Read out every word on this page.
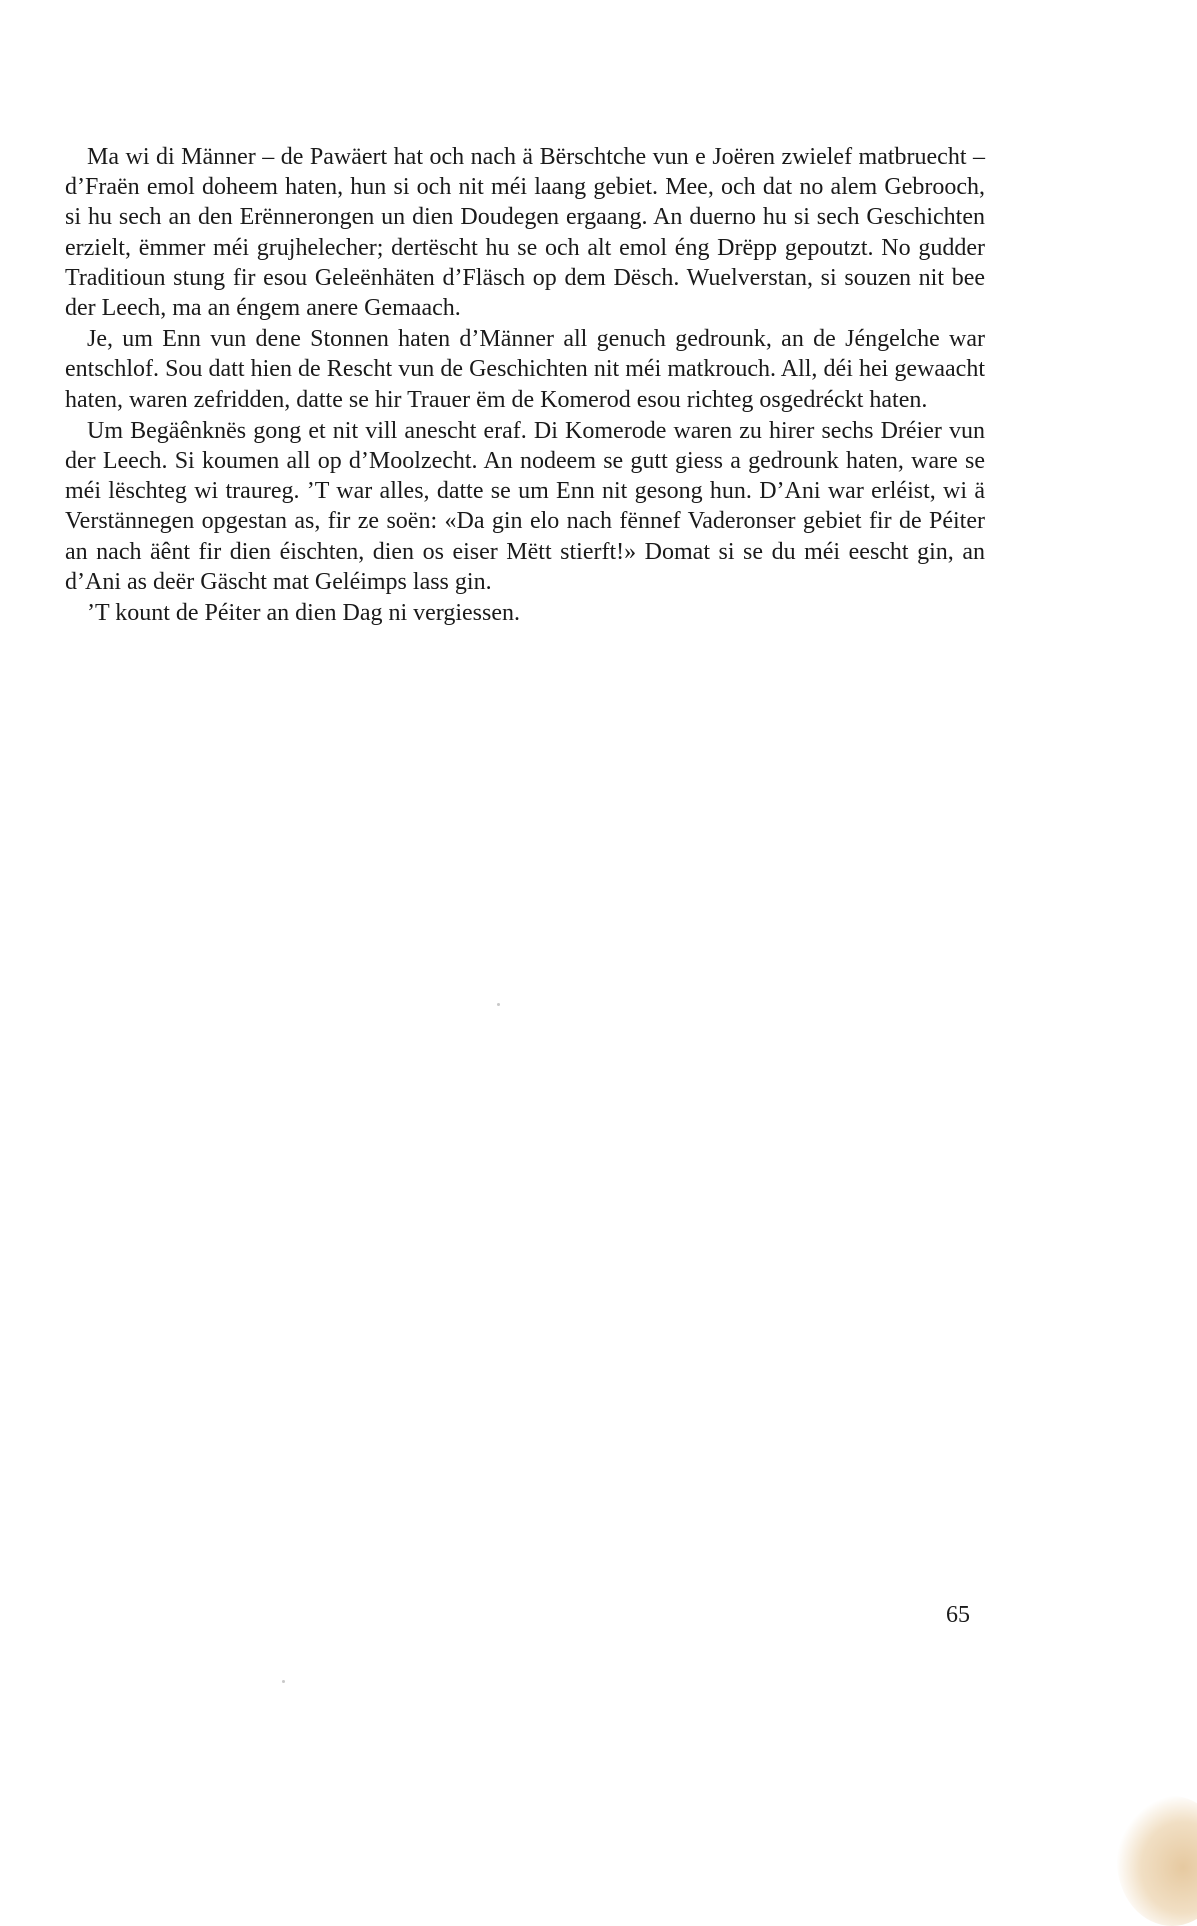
Ma wi di Männer – de Pawäert hat och nach ä Bërschtche vun e Joëren zwielef matbruecht – d’Fraën emol doheem haten, hun si och nit méi laang gebiet. Mee, och dat no alem Gebrooch, si hu sech an den Erënnerongen un dien Doudegen ergaang. An duerno hu si sech Geschichten erzielt, ëmmer méi grujhelecher; dertëscht hu se och alt emol éng Drëpp gepoutzt. No gudder Traditioun stung fir esou Geleënhäten d’Fläsch op dem Dësch. Wuelverstan, si souzen nit bee der Leech, ma an éngem anere Gemaach.

Je, um Enn vun dene Stonnen haten d’Männer all genuch gedrounk, an de Jéngelche war entschlof. Sou datt hien de Rescht vun de Geschichten nit méi matkrouch. All, déi hei gewaacht haten, waren zefridden, datte se hir Trauer ëm de Komerod esou richteg osgedréckt haten.

Um Begäênknës gong et nit vill anescht eraf. Di Komerode waren zu hirer sechs Dréier vun der Leech. Si koumen all op d’Moolzecht. An nodeem se gutt giess a gedrounk haten, ware se méi lëschteg wi traureg. ’T war alles, datte se um Enn nit gesong hun. D’Ani war erléist, wi ä Verstännegen opgestan as, fir ze soën: «Da gin elo nach fënnef Vaderonser gebiet fir de Péiter an nach äênt fir dien éischten, dien os eiser Mëtt stierft!» Domat si se du méi eescht gin, an d’Ani as deër Gäscht mat Geléimps lass gin.

’T kount de Péiter an dien Dag ni vergiessen.

65
